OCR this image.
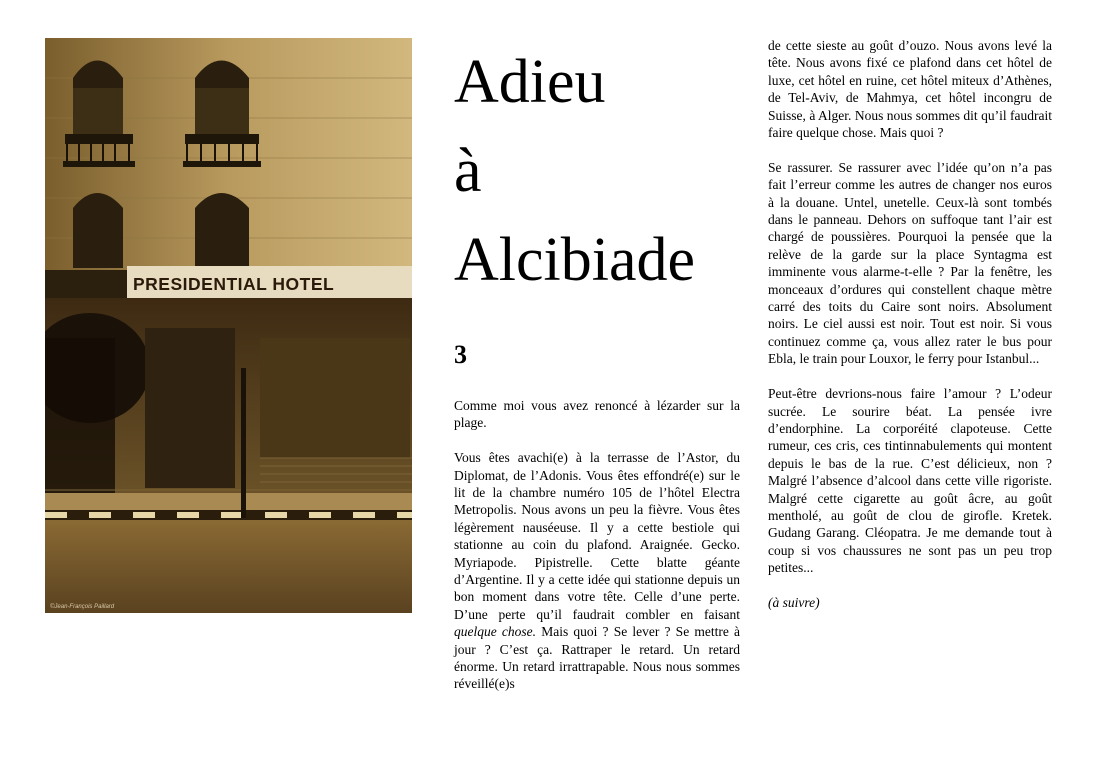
PRESIDENTIAL HOTEL
©Jean-François Paillard
Adieu
à
Alcibiade
3

Comme moi vous avez renoncé à lézarder sur la plage.

Vous êtes avachi(e) à la terrasse de l’Astor, du Diplomat, de l’Adonis. Vous êtes effondré(e) sur le lit de la chambre numéro 105 de l’hôtel Electra Metropolis. Nous avons un peu la fièvre. Vous êtes légèrement nauséeuse. Il y a cette bestiole qui stationne au coin du plafond. Araignée. Gecko. Myriapode. Pipistrelle. Cette blatte géante d’Argentine. Il y a cette idée qui stationne depuis un bon moment dans votre tête. Celle d’une perte. D’une perte qu’il faudrait combler en faisant quelque chose. Mais quoi ? Se lever ? Se mettre à jour ? C’est ça. Rattraper le retard. Un retard énorme. Un retard irrattrapable. Nous nous sommes réveillé(e)s

de cette sieste au goût d’ouzo. Nous avons levé la tête. Nous avons fixé ce plafond dans cet hôtel de luxe, cet hôtel en ruine, cet hôtel miteux d’Athènes, de Tel-Aviv, de Mahmya, cet hôtel incongru de Suisse, à Alger. Nous nous sommes dit qu’il faudrait faire quelque chose. Mais quoi ?

Se rassurer. Se rassurer avec l’idée qu’on n’a pas fait l’erreur comme les autres de changer nos euros à la douane. Untel, unetelle. Ceux-là sont tombés dans le panneau. Dehors on suffoque tant l’air est chargé de poussières. Pourquoi la pensée que la relève de la garde sur la place Syntagma est imminente vous alarme-t-elle ? Par la fenêtre, les monceaux d’ordures qui constellent chaque mètre carré des toits du Caire sont noirs. Absolument noirs. Le ciel aussi est noir. Tout est noir. Si vous continuez comme ça, vous allez rater le bus pour Ebla, le train pour Louxor, le ferry pour Istanbul...

Peut-être devrions-nous faire l’amour ? L’odeur sucrée. Le sourire béat. La pensée ivre d’endorphine. La corporéité clapoteuse. Cette rumeur, ces cris, ces tintinnabulements qui montent depuis le bas de la rue. C’est délicieux, non ? Malgré l’absence d’alcool dans cette ville rigoriste. Malgré cette cigarette au goût âcre, au goût mentholé, au goût de clou de girofle. Kretek. Gudang Garang. Cléopatra. Je me demande tout à coup si vos chaussures ne sont pas un peu trop petites...

(à suivre)
